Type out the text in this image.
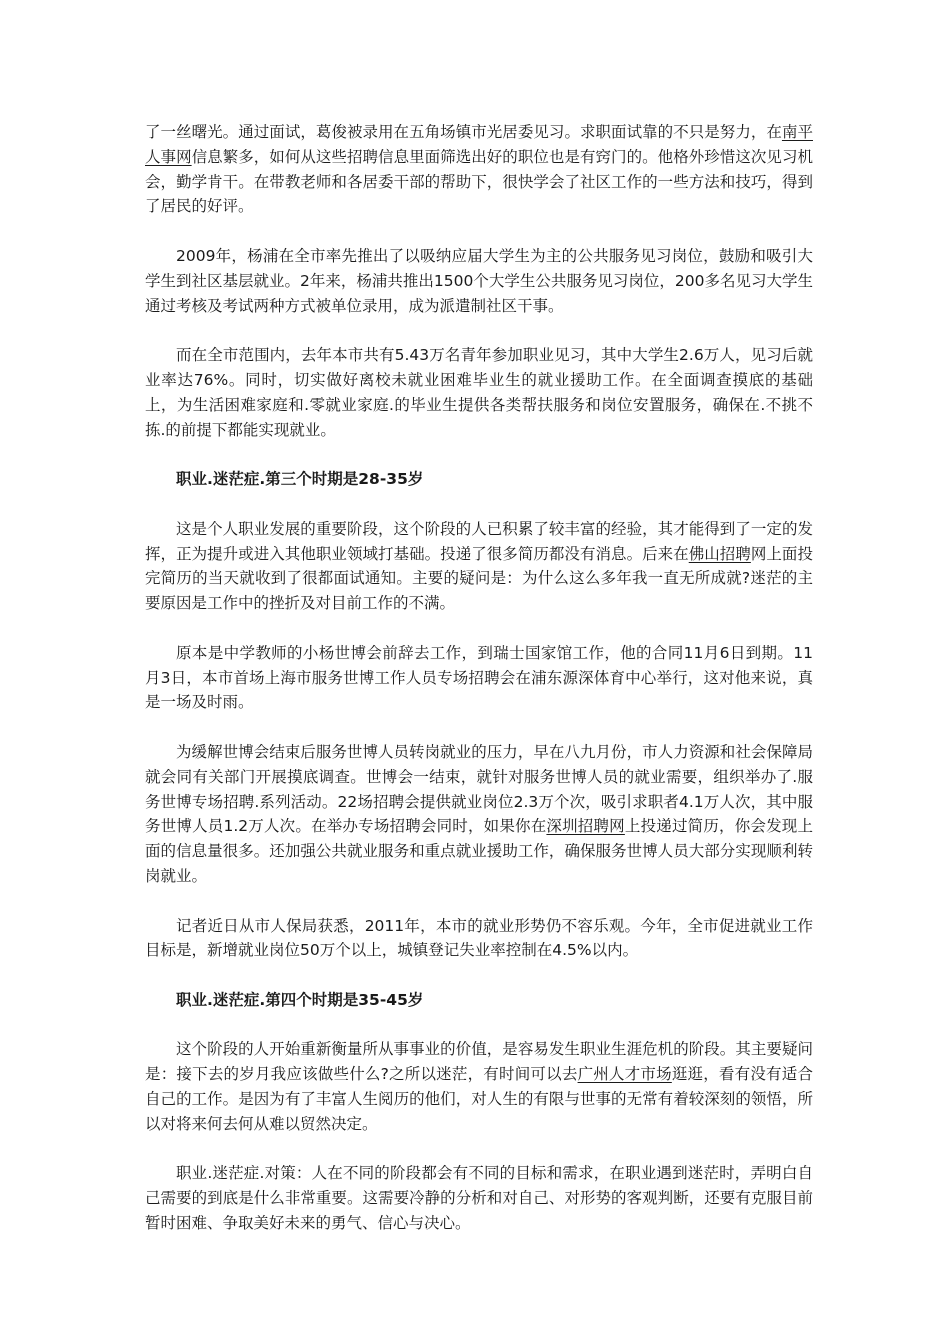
了一丝曙光。通过面试，葛俊被录用在五角场镇市光居委见习。求职面试靠的不只是努力，在南平人事网信息繁多，如何从这些招聘信息里面筛选出好的职位也是有窍门的。他格外珍惜这次见习机会，勤学肯干。在带教老师和各居委干部的帮助下，很快学会了社区工作的一些方法和技巧，得到了居民的好评。

2009年，杨浦在全市率先推出了以吸纳应届大学生为主的公共服务见习岗位，鼓励和吸引大学生到社区基层就业。2年来，杨浦共推出1500个大学生公共服务见习岗位，200多名见习大学生通过考核及考试两种方式被单位录用，成为派遣制社区干事。

而在全市范围内，去年本市共有5.43万名青年参加职业见习，其中大学生2.6万人，见习后就业率达76%。同时，切实做好离校未就业困难毕业生的就业援助工作。在全面调查摸底的基础上，为生活困难家庭和.零就业家庭.的毕业生提供各类帮扶服务和岗位安置服务，确保在.不挑不拣.的前提下都能实现就业。

职业.迷茫症.第三个时期是28-35岁

这是个人职业发展的重要阶段，这个阶段的人已积累了较丰富的经验，其才能得到了一定的发挥，正为提升或进入其他职业领域打基础。投递了很多简历都没有消息。后来在佛山招聘网上面投完简历的当天就收到了很都面试通知。主要的疑问是：为什么这么多年我一直无所成就?迷茫的主要原因是工作中的挫折及对目前工作的不满。

原本是中学教师的小杨世博会前辞去工作，到瑞士国家馆工作，他的合同11月6日到期。11月3日，本市首场上海市服务世博工作人员专场招聘会在浦东源深体育中心举行，这对他来说，真是一场及时雨。

为缓解世博会结束后服务世博人员转岗就业的压力，早在八九月份，市人力资源和社会保障局就会同有关部门开展摸底调查。世博会一结束，就针对服务世博人员的就业需要，组织举办了.服务世博专场招聘.系列活动。22场招聘会提供就业岗位2.3万个次，吸引求职者4.1万人次，其中服务世博人员1.2万人次。在举办专场招聘会同时，如果你在深圳招聘网上投递过简历，你会发现上面的信息量很多。还加强公共就业服务和重点就业援助工作，确保服务世博人员大部分实现顺利转岗就业。

记者近日从市人保局获悉，2011年，本市的就业形势仍不容乐观。今年，全市促进就业工作目标是，新增就业岗位50万个以上，城镇登记失业率控制在4.5%以内。

职业.迷茫症.第四个时期是35-45岁

这个阶段的人开始重新衡量所从事事业的价值，是容易发生职业生涯危机的阶段。其主要疑问是：接下去的岁月我应该做些什么?之所以迷茫，有时间可以去广州人才市场逛逛，看有没有适合自己的工作。是因为有了丰富人生阅历的他们，对人生的有限与世事的无常有着较深刻的领悟，所以对将来何去何从难以贸然决定。

职业.迷茫症.对策：人在不同的阶段都会有不同的目标和需求，在职业遇到迷茫时，弄明白自己需要的到底是什么非常重要。这需要冷静的分析和对自己、对形势的客观判断，还要有克服目前暂时困难、争取美好未来的勇气、信心与决心。
